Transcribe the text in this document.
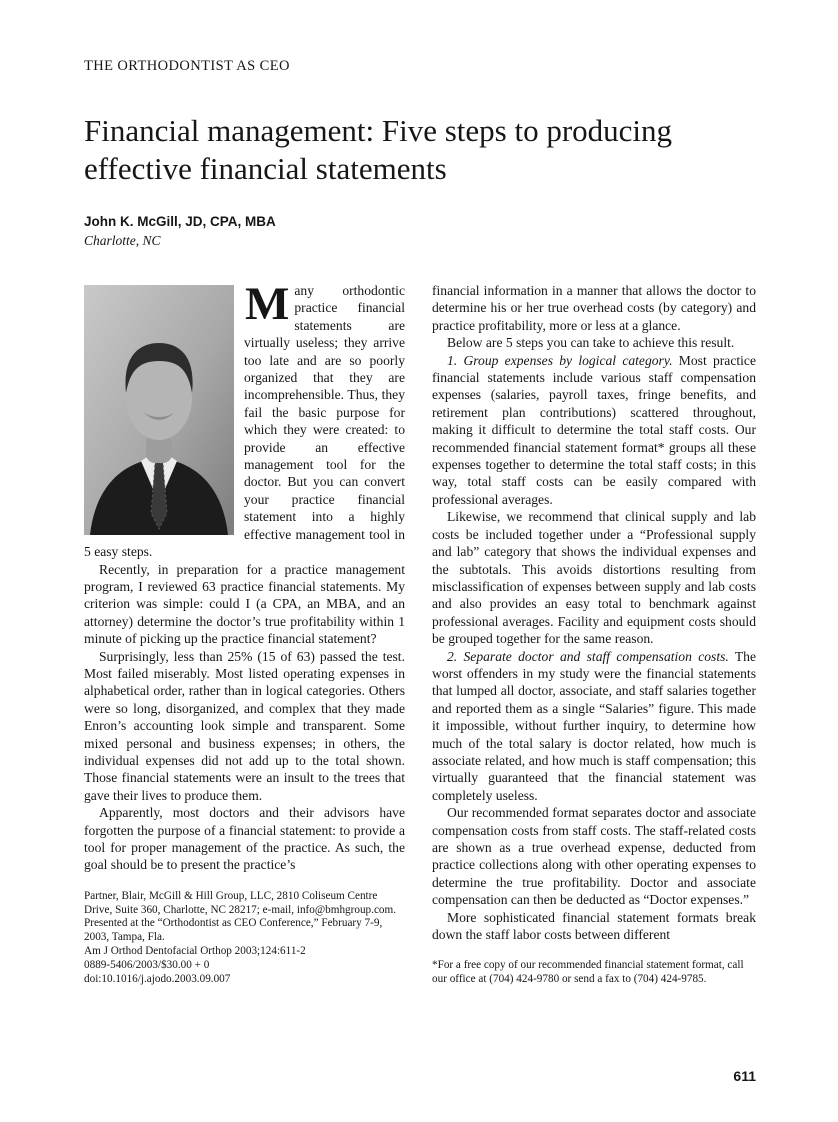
THE ORTHODONTIST AS CEO
Financial management: Five steps to producing effective financial statements
John K. McGill, JD, CPA, MBA
Charlotte, NC

Many orthodontic practice financial statements are virtually useless; they arrive too late and are so poorly organized that they are incomprehensible. Thus, they fail the basic purpose for which they were created: to provide an effective management tool for the doctor. But you can convert your practice financial statement into a highly effective management tool in 5 easy steps.

Recently, in preparation for a practice management program, I reviewed 63 practice financial statements. My criterion was simple: could I (a CPA, an MBA, and an attorney) determine the doctor’s true profitability within 1 minute of picking up the practice financial statement?

Surprisingly, less than 25% (15 of 63) passed the test. Most failed miserably. Most listed operating expenses in alphabetical order, rather than in logical categories. Others were so long, disorganized, and complex that they made Enron’s accounting look simple and transparent. Some mixed personal and business expenses; in others, the individual expenses did not add up to the total shown. Those financial statements were an insult to the trees that gave their lives to produce them.

Apparently, most doctors and their advisors have forgotten the purpose of a financial statement: to provide a tool for proper management of the practice. As such, the goal should be to present the practice’s

Partner, Blair, McGill & Hill Group, LLC, 2810 Coliseum Centre Drive, Suite 360, Charlotte, NC 28217; e-mail, info@bmhgroup.com.

Presented at the “Orthodontist as CEO Conference,” February 7-9, 2003, Tampa, Fla.

Am J Orthod Dentofacial Orthop 2003;124:611-2

0889-5406/2003/$30.00 + 0

doi:10.1016/j.ajodo.2003.09.007

financial information in a manner that allows the doctor to determine his or her true overhead costs (by category) and practice profitability, more or less at a glance.

Below are 5 steps you can take to achieve this result.

1. Group expenses by logical category. Most practice financial statements include various staff compensation expenses (salaries, payroll taxes, fringe benefits, and retirement plan contributions) scattered throughout, making it difficult to determine the total staff costs. Our recommended financial statement format* groups all these expenses together to determine the total staff costs; in this way, total staff costs can be easily compared with professional averages.

Likewise, we recommend that clinical supply and lab costs be included together under a “Professional supply and lab” category that shows the individual expenses and the subtotals. This avoids distortions resulting from misclassification of expenses between supply and lab costs and also provides an easy total to benchmark against professional averages. Facility and equipment costs should be grouped together for the same reason.

2. Separate doctor and staff compensation costs. The worst offenders in my study were the financial statements that lumped all doctor, associate, and staff salaries together and reported them as a single “Salaries” figure. This made it impossible, without further inquiry, to determine how much of the total salary is doctor related, how much is associate related, and how much is staff compensation; this virtually guaranteed that the financial statement was completely useless.

Our recommended format separates doctor and associate compensation costs from staff costs. The staff-related costs are shown as a true overhead expense, deducted from practice collections along with other operating expenses to determine the true profitability. Doctor and associate compensation can then be deducted as “Doctor expenses.”

More sophisticated financial statement formats break down the staff labor costs between different

*For a free copy of our recommended financial statement format, call our office at (704) 424-9780 or send a fax to (704) 424-9785.
611
